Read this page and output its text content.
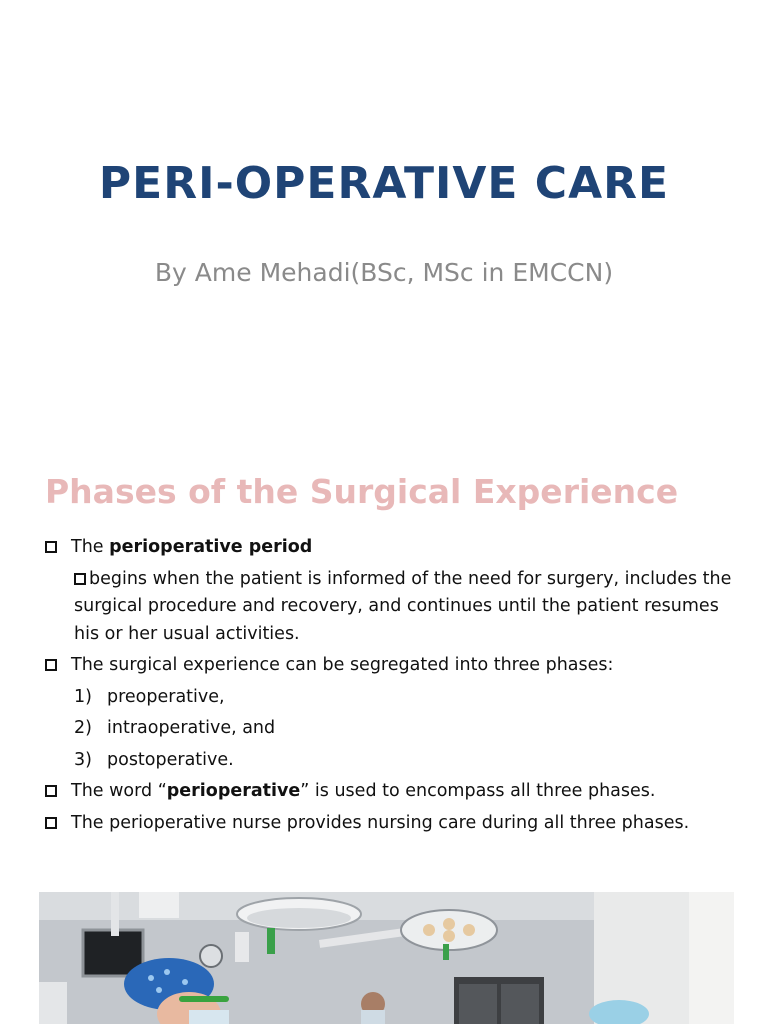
PERI-OPERATIVE CARE
By Ame Mehadi(BSc, MSc in EMCCN)
Phases of the Surgical Experience
The perioperative period
begins when the patient is informed of the need for surgery, includes the surgical procedure and recovery, and continues until the patient resumes his or her usual activities.
The surgical experience can be segregated into three phases:
1) preoperative,
2) intraoperative, and
3) postoperative.
The word “perioperative” is used to encompass all three phases.
The perioperative nurse provides nursing care during all three phases.
